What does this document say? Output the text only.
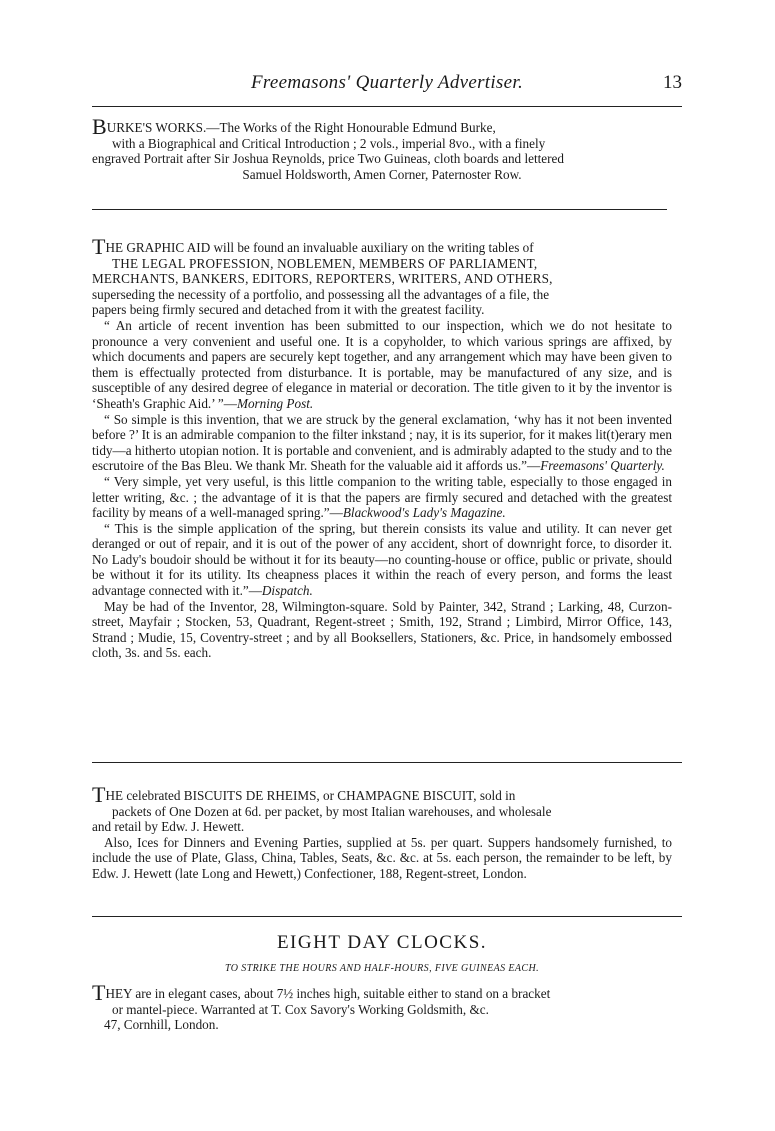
Freemasons' Quarterly Advertiser.	13

BURKE'S WORKS.—The Works of the Right Honourable Edmund Burke,

with a Biographical and Critical Introduction ; 2 vols., imperial 8vo., with a finely

engraved Portrait after Sir Joshua Reynolds, price Two Guineas, cloth boards and lettered

Samuel Holdsworth, Amen Corner, Paternoster Row.

THE GRAPHIC AID will be found an invaluable auxiliary on the writing tables of

THE LEGAL PROFESSION, NOBLEMEN, MEMBERS OF PARLIAMENT,

MERCHANTS, BANKERS, EDITORS, REPORTERS, WRITERS, AND OTHERS,

superseding the necessity of a portfolio, and possessing all the advantages of a file, the

papers being firmly secured and detached from it with the greatest facility.

“ An article of recent invention has been submitted to our inspection, which we do not hesitate to pronounce a very convenient and useful one. It is a copyholder, to which various springs are affixed, by which documents and papers are securely kept together, and any arrangement which may have been given to them is effectually protected from disturbance. It is portable, may be manufactured of any size, and is susceptible of any desired degree of elegance in material or decoration. The title given to it by the inventor is ‘Sheath's Graphic Aid.’ ”—Morning Post.

“ So simple is this invention, that we are struck by the general exclamation, ‘why has it not been invented before ?’ It is an admirable companion to the filter inkstand ; nay, it is its superior, for it makes lit(t)erary men tidy—a hitherto utopian notion. It is portable and convenient, and is admirably adapted to the study and to the escrutoire of the Bas Bleu. We thank Mr. Sheath for the valuable aid it affords us.”—Freemasons' Quarterly.

“ Very simple, yet very useful, is this little companion to the writing table, especially to those engaged in letter writing, &c. ; the advantage of it is that the papers are firmly secured and detached with the greatest facility by means of a well-managed spring.”—Blackwood's Lady's Magazine.

“ This is the simple application of the spring, but therein consists its value and utility. It can never get deranged or out of repair, and it is out of the power of any accident, short of downright force, to disorder it. No Lady's boudoir should be without it for its beauty—no counting-house or office, public or private, should be without it for its utility. Its cheapness places it within the reach of every person, and forms the least advantage connected with it.”—Dispatch.

May be had of the Inventor, 28, Wilmington-square. Sold by Painter, 342, Strand ; Larking, 48, Curzon-street, Mayfair ; Stocken, 53, Quadrant, Regent-street ; Smith, 192, Strand ; Limbird, Mirror Office, 143, Strand ; Mudie, 15, Coventry-street ; and by all Booksellers, Stationers, &c. Price, in handsomely embossed cloth, 3s. and 5s. each.

THE celebrated BISCUITS DE RHEIMS, or CHAMPAGNE BISCUIT, sold in

packets of One Dozen at 6d. per packet, by most Italian warehouses, and wholesale

and retail by Edw. J. Hewett.

Also, Ices for Dinners and Evening Parties, supplied at 5s. per quart. Suppers handsomely furnished, to include the use of Plate, Glass, China, Tables, Seats, &c. &c. at 5s. each person, the remainder to be left, by Edw. J. Hewett (late Long and Hewett,) Confectioner, 188, Regent-street, London.

EIGHT DAY CLOCKS.
TO STRIKE THE HOURS AND HALF-HOURS, FIVE GUINEAS EACH.

THEY are in elegant cases, about 7½ inches high, suitable either to stand on a bracket

or mantel-piece. Warranted at T. Cox Savory's Working Goldsmith, &c.

47, Cornhill, London.
